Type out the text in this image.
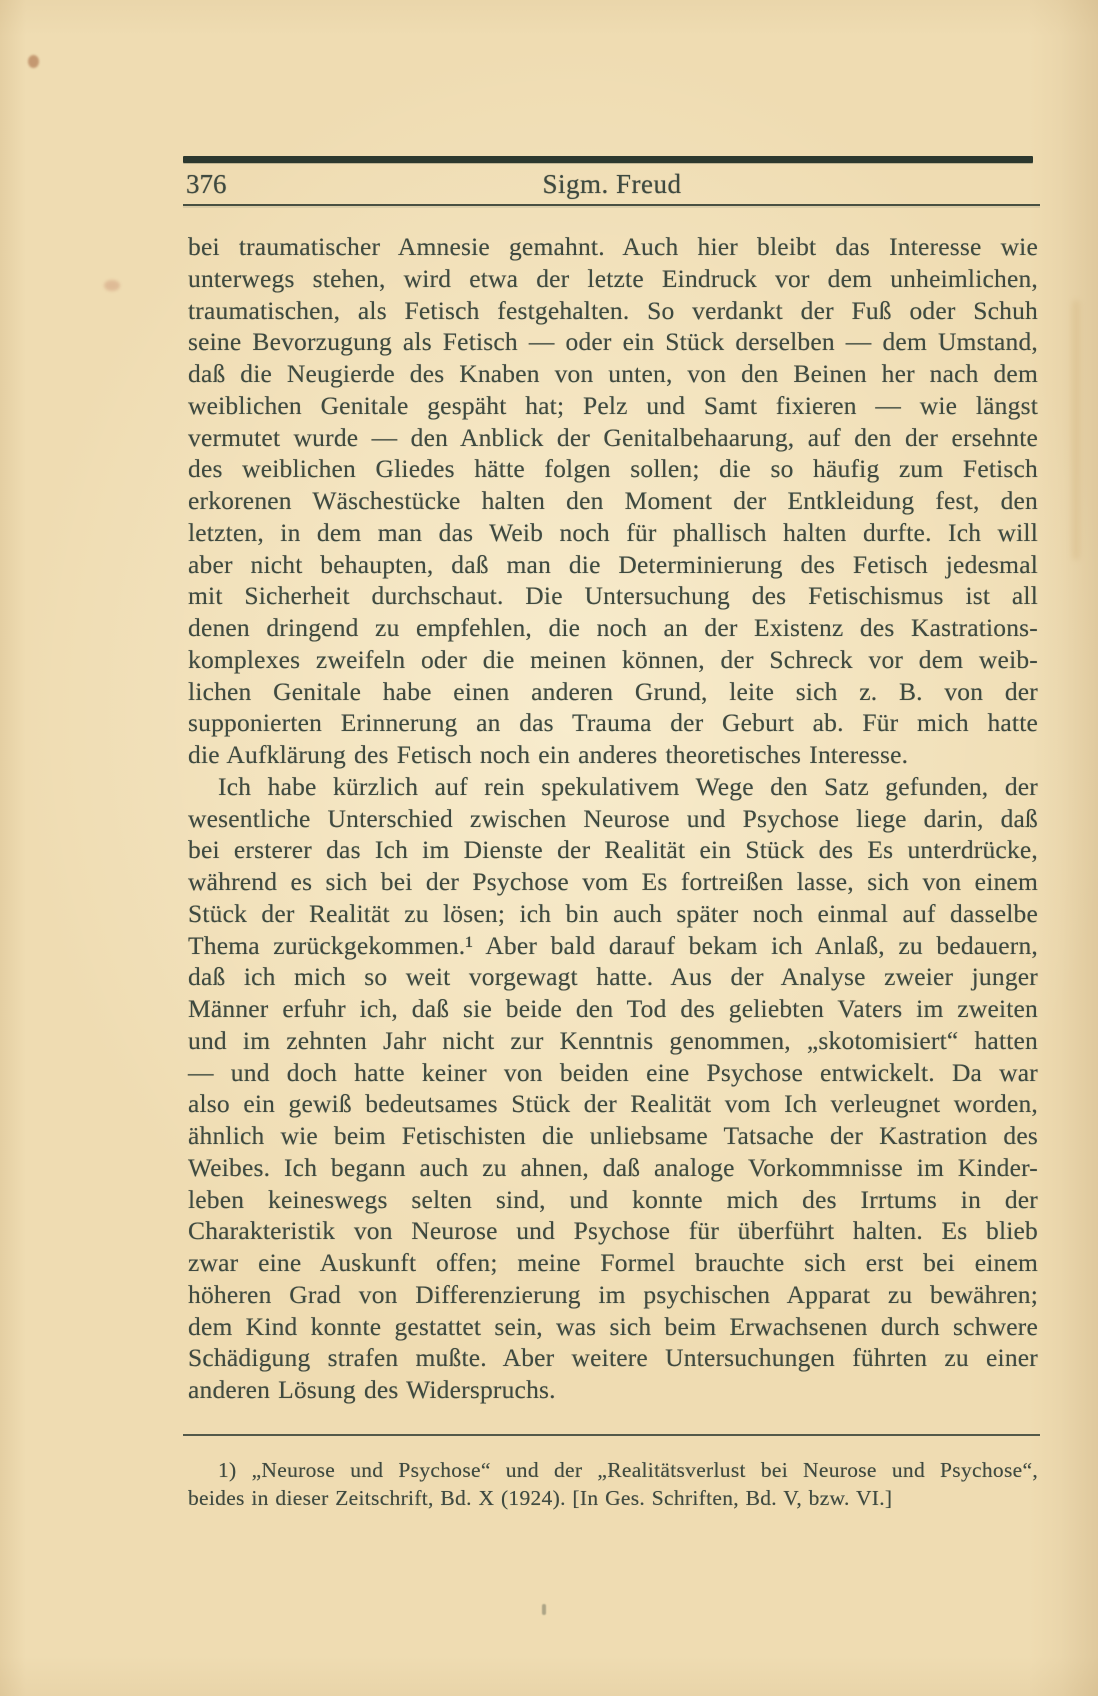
376	Sigm. Freud
bei traumatischer Amnesie gemahnt. Auch hier bleibt das Interesse wie
unterwegs stehen, wird etwa der letzte Eindruck vor dem unheimlichen,
traumatischen, als Fetisch festgehalten. So verdankt der Fuß oder Schuh
seine Bevorzugung als Fetisch — oder ein Stück derselben — dem Umstand,
daß die Neugierde des Knaben von unten, von den Beinen her nach dem
weiblichen Genitale gespäht hat; Pelz und Samt fixieren — wie längst
vermutet wurde — den Anblick der Genitalbehaarung, auf den der ersehnte
des weiblichen Gliedes hätte folgen sollen; die so häufig zum Fetisch
erkorenen Wäschestücke halten den Moment der Entkleidung fest, den
letzten, in dem man das Weib noch für phallisch halten durfte. Ich will
aber nicht behaupten, daß man die Determinierung des Fetisch jedesmal
mit Sicherheit durchschaut. Die Untersuchung des Fetischismus ist all
denen dringend zu empfehlen, die noch an der Existenz des Kastrations-
komplexes zweifeln oder die meinen können, der Schreck vor dem weib-
lichen Genitale habe einen anderen Grund, leite sich z. B. von der
supponierten Erinnerung an das Trauma der Geburt ab. Für mich hatte
die Aufklärung des Fetisch noch ein anderes theoretisches Interesse.
Ich habe kürzlich auf rein spekulativem Wege den Satz gefunden, der
wesentliche Unterschied zwischen Neurose und Psychose liege darin, daß
bei ersterer das Ich im Dienste der Realität ein Stück des Es unterdrücke,
während es sich bei der Psychose vom Es fortreißen lasse, sich von einem
Stück der Realität zu lösen; ich bin auch später noch einmal auf dasselbe
Thema zurückgekommen.¹ Aber bald darauf bekam ich Anlaß, zu bedauern,
daß ich mich so weit vorgewagt hatte. Aus der Analyse zweier junger
Männer erfuhr ich, daß sie beide den Tod des geliebten Vaters im zweiten
und im zehnten Jahr nicht zur Kenntnis genommen, „skotomisiert“ hatten
— und doch hatte keiner von beiden eine Psychose entwickelt. Da war
also ein gewiß bedeutsames Stück der Realität vom Ich verleugnet worden,
ähnlich wie beim Fetischisten die unliebsame Tatsache der Kastration des
Weibes. Ich begann auch zu ahnen, daß analoge Vorkommnisse im Kinder-
leben keineswegs selten sind, und konnte mich des Irrtums in der
Charakteristik von Neurose und Psychose für überführt halten. Es blieb
zwar eine Auskunft offen; meine Formel brauchte sich erst bei einem
höheren Grad von Differenzierung im psychischen Apparat zu bewähren;
dem Kind konnte gestattet sein, was sich beim Erwachsenen durch schwere
Schädigung strafen mußte. Aber weitere Untersuchungen führten zu einer
anderen Lösung des Widerspruchs.
1) „Neurose und Psychose“ und der „Realitätsverlust bei Neurose und Psychose“,
beides in dieser Zeitschrift, Bd. X (1924). [In Ges. Schriften, Bd. V, bzw. VI.]
